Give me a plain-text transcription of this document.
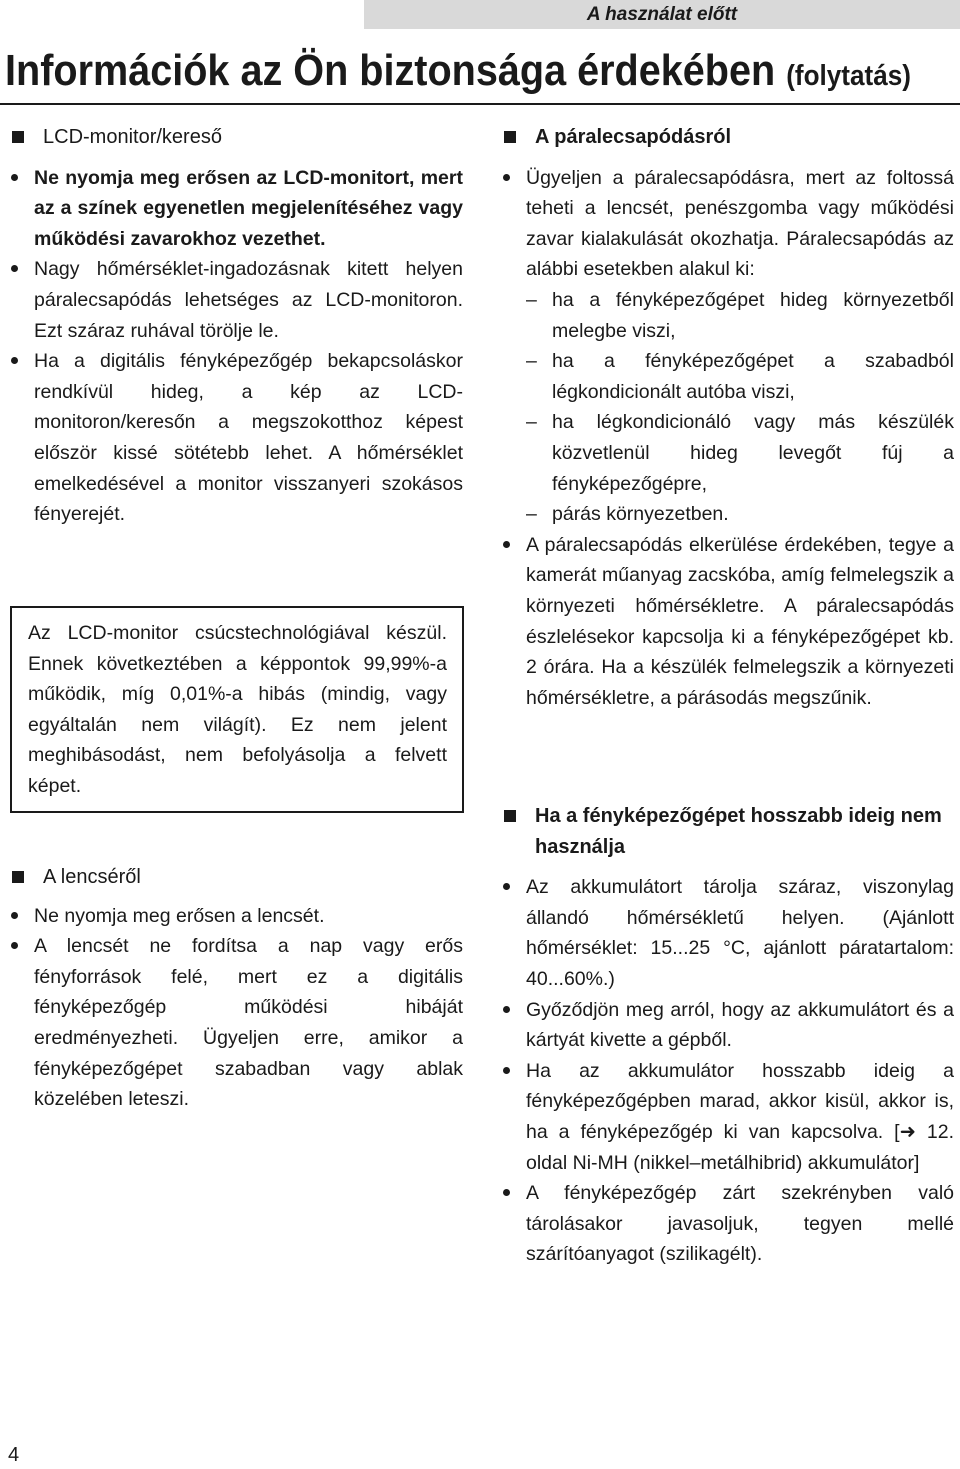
A használat előtt
Információk az Ön biztonsága érdekében (folytatás)
LCD-monitor/kereső
Ne nyomja meg erősen az LCD-monitort, mert az a színek egyenetlen megjelenítéséhez vagy működési zavarokhoz vezethet.
Nagy hőmérséklet-ingadozásnak kitett helyen páralecsapódás lehetséges az LCD-monitoron. Ezt száraz ruhával törölje le.
Ha a digitális fényképezőgép bekapcsoláskor rendkívül hideg, a kép az LCD-monitoron/keresőn a megszokotthoz képest először kissé sötétebb lehet. A hőmérséklet emelkedésével a monitor visszanyeri szokásos fényerejét.
Az LCD-monitor csúcstechnológiával készül. Ennek következtében a képpontok 99,99%-a működik, míg 0,01%-a hibás (mindig, vagy egyáltalán nem világít). Ez nem jelent meghibásodást, nem befolyásolja a felvett képet.
A lencséről
Ne nyomja meg erősen a lencsét.
A lencsét ne fordítsa a nap vagy erős fényforrások felé, mert ez a digitális fényképezőgép működési hibáját eredményezheti. Ügyeljen erre, amikor a fényképezőgépet szabadban vagy ablak közelében leteszi.
A páralecsapódásról
Ügyeljen a páralecsapódásra, mert az foltossá teheti a lencsét, penészgomba vagy működési zavar kialakulását okozhatja. Páralecsapódás az alábbi esetekben alakul ki:
– ha a fényképezőgépet hideg környezetből melegbe viszi,
– ha a fényképezőgépet a szabadból légkondicionált autóba viszi,
– ha légkondicionáló vagy más készülék közvetlenül hideg levegőt fúj a fényképezőgépre,
– párás környezetben.
A páralecsapódás elkerülése érdekében, tegye a kamerát műanyag zacskóba, amíg felmelegszik a környezeti hőmérsékletre. A páralecsapódás észlelésekor kapcsolja ki a fényképezőgépet kb. 2 órára. Ha a készülék felmelegszik a környezeti hőmérsékletre, a párásodás megszűnik.
Ha a fényképezőgépet hosszabb ideig nem használja
Az akkumulátort tárolja száraz, viszonylag állandó hőmérsékletű helyen. (Ajánlott hőmérséklet: 15...25 °C, ajánlott páratartalom: 40...60%.)
Győződjön meg arról, hogy az akkumulátort és a kártyát kivette a gépből.
Ha az akkumulátor hosszabb ideig a fényképezőgépben marad, akkor kisül, akkor is, ha a fényképezőgép ki van kapcsolva. [➜ 12. oldal Ni-MH (nikkel–metálhibrid) akkumulátor]
A fényképezőgép zárt szekrényben való tárolásakor javasoljuk, tegyen mellé szárítóanyagot (szilikagélt).
4
